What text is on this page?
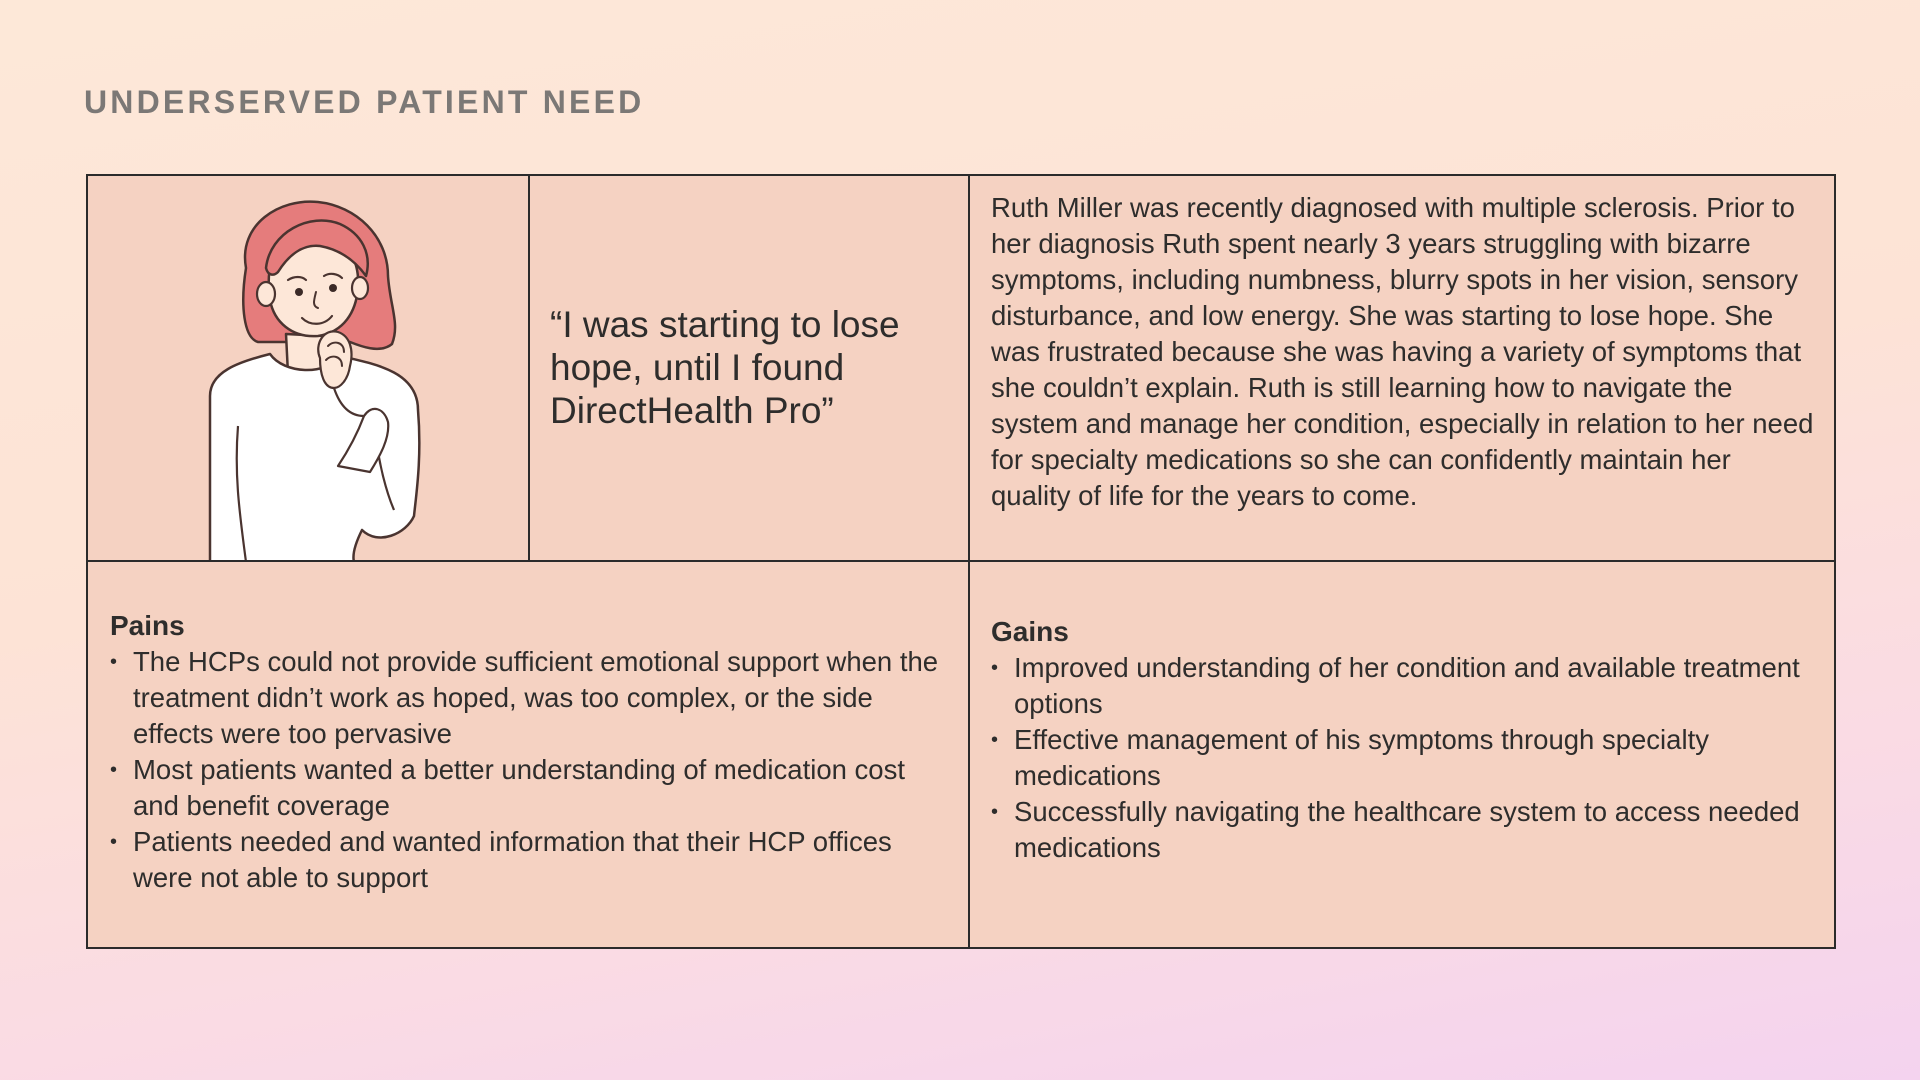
UNDERSERVED PATIENT NEED

“I was starting to lose hope, until I found DirectHealth Pro”

Ruth Miller was recently diagnosed with multiple sclerosis. Prior to her diagnosis Ruth spent nearly 3 years struggling with bizarre symptoms, including numbness, blurry spots in her vision, sensory disturbance, and low energy. She was starting to lose hope. She was frustrated because she was having a variety of symptoms that she couldn’t explain. Ruth is still learning how to navigate the system and manage her condition, especially in relation to her need for specialty medications so she can confidently maintain her quality of life for the years to come.

Pains
• The HCPs could not provide sufficient emotional support when the treatment didn’t work as hoped, was too complex, or the side effects were too pervasive
• Most patients wanted a better understanding of medication cost and benefit coverage
• Patients needed and wanted information that their HCP offices were not able to support
Gains
• Improved understanding of her condition and available treatment options
• Effective management of his symptoms through specialty medications
• Successfully navigating the healthcare system to access needed medications
